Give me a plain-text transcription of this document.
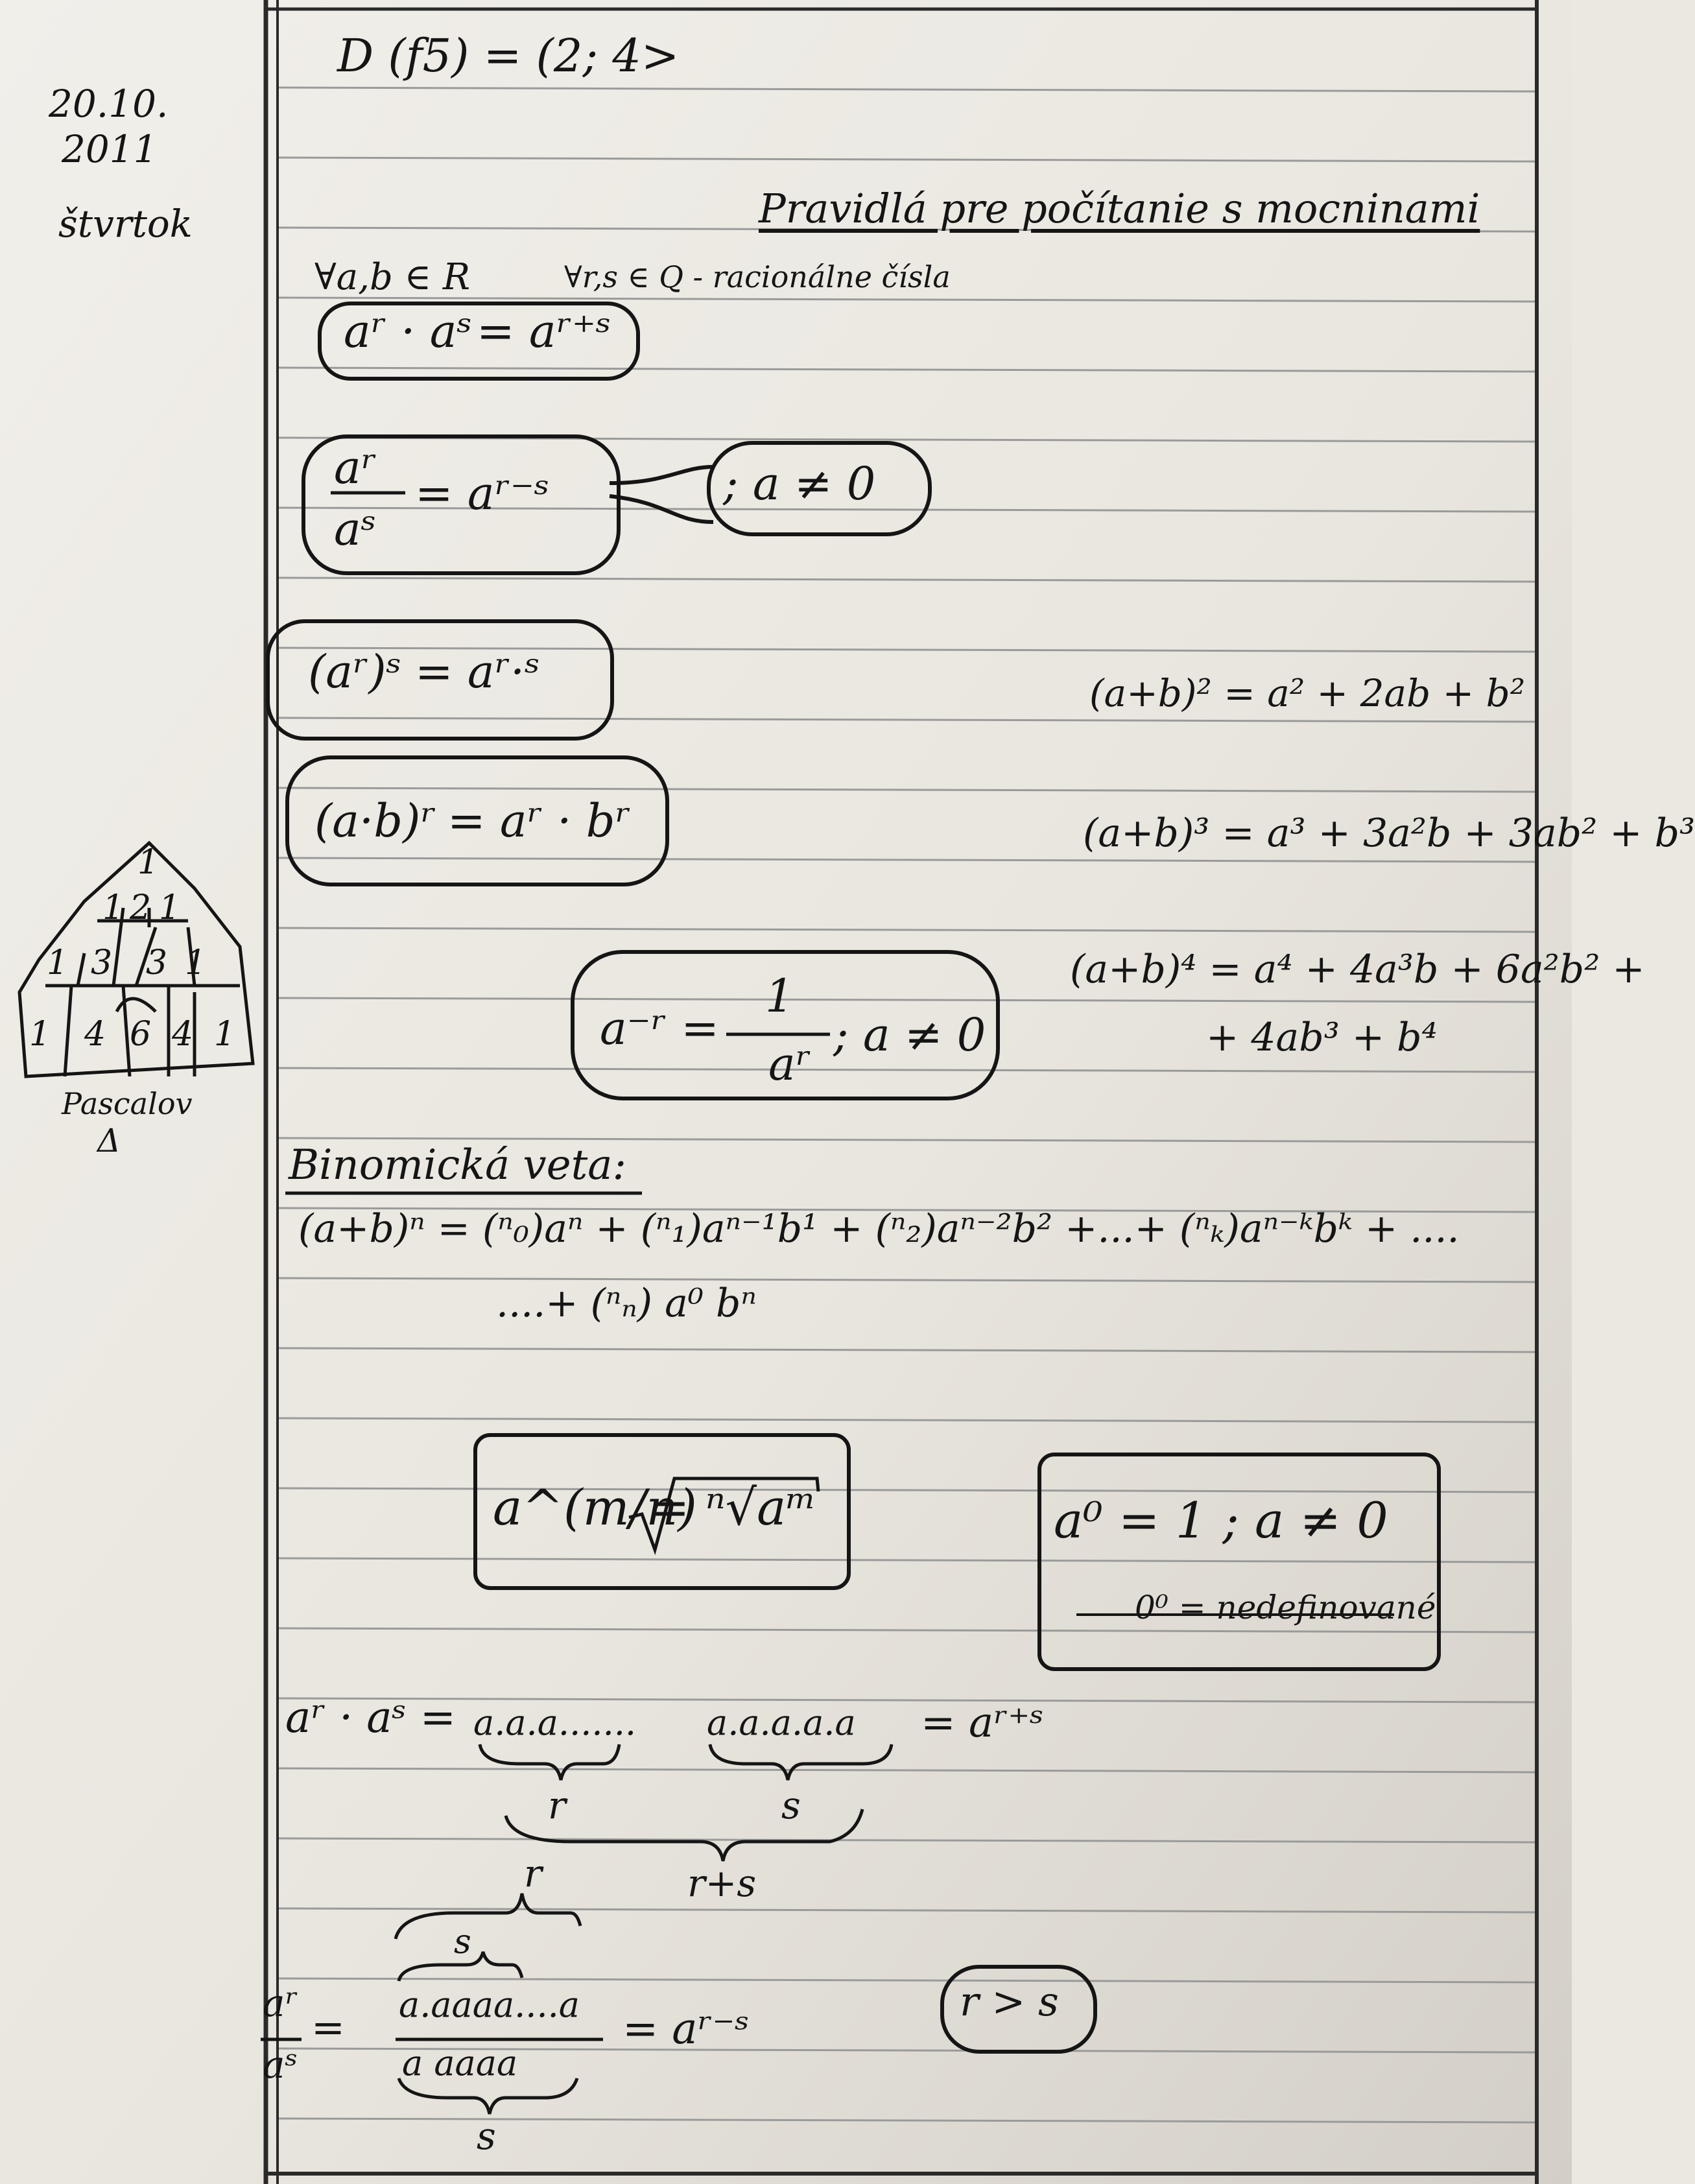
20.10.
2011
štvrtok
1
1 2 1
1 3 3 1
1 4 6 4 1
Pascalov
Δ
D (f5) = (2; 4>
Pravidlá pre počítanie s mocninami
∀a,b ∈ R	∀r,s ∈ Q - racionálne čísla
aʳ · aˢ = aʳ⁺ˢ
aʳ
aˢ
= aʳ⁻ˢ	; a ≠ 0
(aʳ)ˢ = aʳ·ˢ
(a·b)ʳ = aʳ · bʳ
a⁻ʳ =
1
aʳ
; a ≠ 0
(a+b)² = a² + 2ab + b²
(a+b)³ = a³ + 3a²b + 3ab² + b³
(a+b)⁴ = a⁴ + 4a³b + 6a²b² +
+ 4ab³ + b⁴
Binomická veta:
(a+b)ⁿ = (ⁿ₀)aⁿ + (ⁿ₁)aⁿ⁻¹b¹ + (ⁿ₂)aⁿ⁻²b² +...+ (ⁿₖ)aⁿ⁻ᵏbᵏ + ....
....+ (ⁿₙ) a⁰ bⁿ
a^(m/n)
= ⁿ√aᵐ	a⁰ = 1 ; a ≠ 0
0⁰ = nedefinované
aʳ · aˢ = a.a.a....... a.a.a.a.a = aʳ⁺ˢ
r	s
r+s
r
s
aʳ
aˢ
= a.aaaa....a
a aaaa
= aʳ⁻ˢ
s
r > s
